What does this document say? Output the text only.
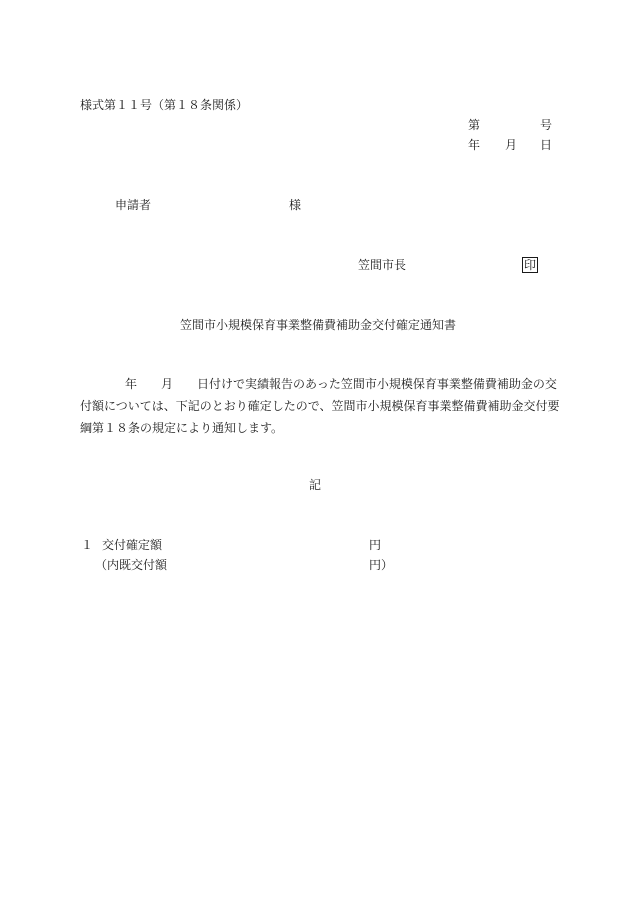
様式第１１号（第１８条関係）
第	号
年 月 日
申請者	様
笠間市長	印
笠間市小規模保育事業整備費補助金交付確定通知書
年 月 日付けで実績報告のあった笠間市小規模保育事業整備費補助金の交
付額については、下記のとおり確定したので、笠間市小規模保育事業整備費補助金交付要
綱第１８条の規定により通知します。
記
１ 交付確定額	円
（内既交付額	円）
